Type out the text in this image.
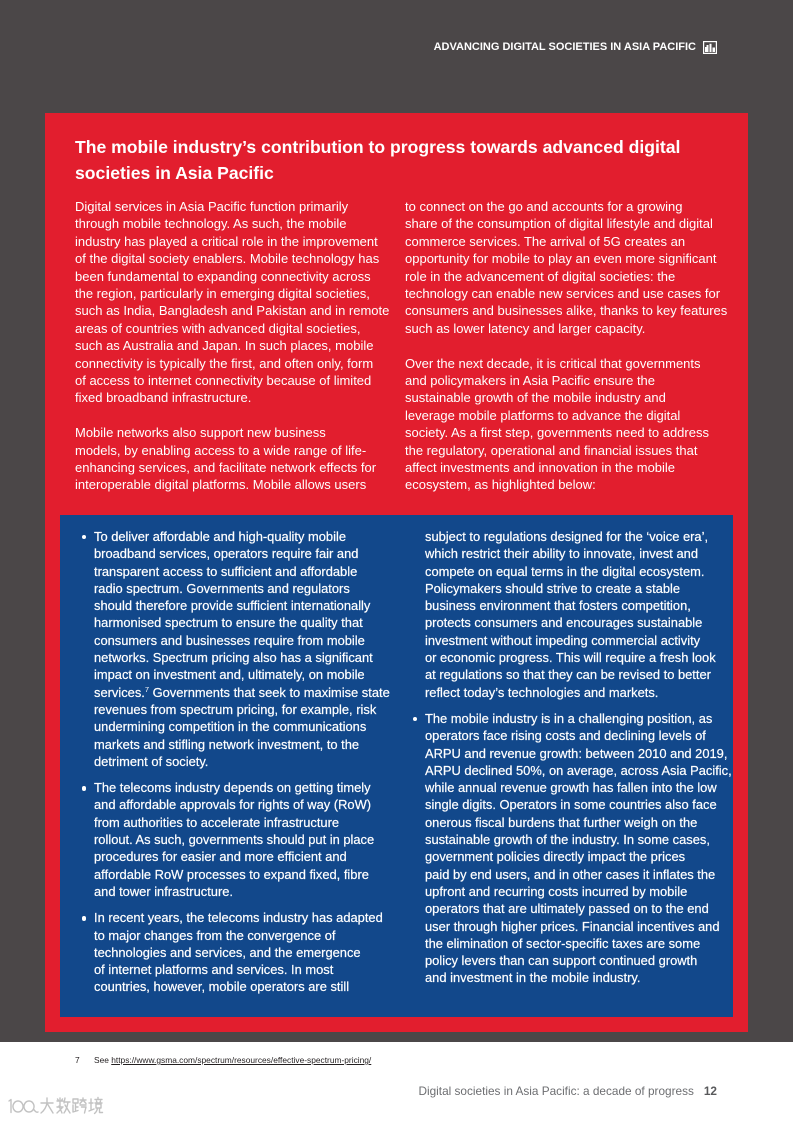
ADVANCING DIGITAL SOCIETIES IN ASIA PACIFIC
The mobile industry’s contribution to progress towards advanced digital
societies in Asia Pacific

Digital services in Asia Pacific function primarily
through mobile technology. As such, the mobile
industry has played a critical role in the improvement
of the digital society enablers. Mobile technology has
been fundamental to expanding connectivity across
the region, particularly in emerging digital societies,
such as India, Bangladesh and Pakistan and in remote
areas of countries with advanced digital societies,
such as Australia and Japan. In such places, mobile
connectivity is typically the first, and often only, form
of access to internet connectivity because of limited
fixed broadband infrastructure.

Mobile networks also support new business
models, by enabling access to a wide range of life-
enhancing services, and facilitate network effects for
interoperable digital platforms. Mobile allows users

to connect on the go and accounts for a growing
share of the consumption of digital lifestyle and digital
commerce services. The arrival of 5G creates an
opportunity for mobile to play an even more significant
role in the advancement of digital societies: the
technology can enable new services and use cases for
consumers and businesses alike, thanks to key features
such as lower latency and larger capacity.

Over the next decade, it is critical that governments
and policymakers in Asia Pacific ensure the
sustainable growth of the mobile industry and
leverage mobile platforms to advance the digital
society. As a first step, governments need to address
the regulatory, operational and financial issues that
affect investments and innovation in the mobile
ecosystem, as highlighted below:

To deliver affordable and high-quality mobile
broadband services, operators require fair and
transparent access to sufficient and affordable
radio spectrum. Governments and regulators
should therefore provide sufficient internationally
harmonised spectrum to ensure the quality that
consumers and businesses require from mobile
networks. Spectrum pricing also has a significant
impact on investment and, ultimately, on mobile
services.$^7$ Governments that seek to maximise state
revenues from spectrum pricing, for example, risk
undermining competition in the communications
markets and stifling network investment, to the
detriment of society.
The telecoms industry depends on getting timely
and affordable approvals for rights of way (RoW)
from authorities to accelerate infrastructure
rollout. As such, governments should put in place
procedures for easier and more efficient and
affordable RoW processes to expand fixed, fibre
and tower infrastructure.
In recent years, the telecoms industry has adapted
to major changes from the convergence of
technologies and services, and the emergence
of internet platforms and services. In most
countries, however, mobile operators are still
subject to regulations designed for the ‘voice era’,
which restrict their ability to innovate, invest and
compete on equal terms in the digital ecosystem.
Policymakers should strive to create a stable
business environment that fosters competition,
protects consumers and encourages sustainable
investment without impeding commercial activity
or economic progress. This will require a fresh look
at regulations so that they can be revised to better
reflect today’s technologies and markets.
The mobile industry is in a challenging position, as
operators face rising costs and declining levels of
ARPU and revenue growth: between 2010 and 2019,
ARPU declined 50%, on average, across Asia Pacific,
while annual revenue growth has fallen into the low
single digits. Operators in some countries also face
onerous fiscal burdens that further weigh on the
sustainable growth of the industry. In some cases,
government policies directly impact the prices
paid by end users, and in other cases it inflates the
upfront and recurring costs incurred by mobile
operators that are ultimately passed on to the end
user through higher prices. Financial incentives and
the elimination of sector-specific taxes are some
policy levers than can support continued growth
and investment in the mobile industry.
7 See https://www.gsma.com/spectrum/resources/effective-spectrum-pricing/
Digital societies in Asia Pacific: a decade of progress 12
